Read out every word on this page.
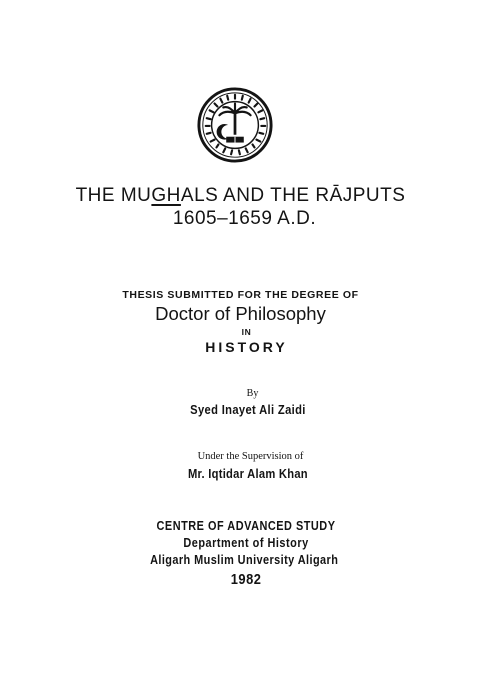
THE MUGHALS AND THE RĀJPUTS
1605–1659 A.D.
THESIS SUBMITTED FOR THE DEGREE OF
Doctor of Philosophy
IN
HISTORY
By
Syed Inayet Ali Zaidi
Under the Supervision of
Mr. Iqtidar Alam Khan
CENTRE OF ADVANCED STUDY
Department of History
Aligarh Muslim University Aligarh
1982
